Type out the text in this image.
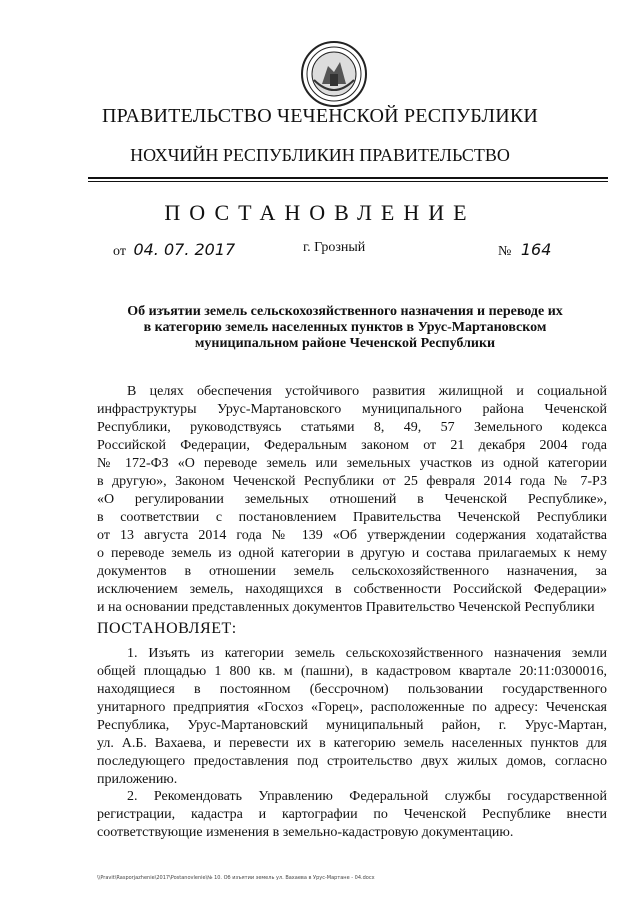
ПРАВИТЕЛЬСТВО ЧЕЧЕНСКОЙ РЕСПУБЛИКИ
НОХЧИЙН РЕСПУБЛИКИН ПРАВИТЕЛЬСТВО
ПОСТАНОВЛЕНИЕ
от 04. 07. 2017	г. Грозный	№ 164
Об изъятии земель сельскохозяйственного назначения и переводе их
в категорию земель населенных пунктов в Урус-Мартановском
муниципальном районе Чеченской Республики
В целях обеспечения устойчивого развития жилищной и социальной
инфраструктуры Урус-Мартановского муниципального района Чеченской
Республики, руководствуясь статьями 8, 49, 57 Земельного кодекса
Российской Федерации, Федеральным законом от 21 декабря 2004 года
№ 172-ФЗ «О переводе земель или земельных участков из одной категории
в другую», Законом Чеченской Республики от 25 февраля 2014 года № 7-РЗ
«О регулировании земельных отношений в Чеченской Республике»,
в соответствии с постановлением Правительства Чеченской Республики
от 13 августа 2014 года № 139 «Об утверждении содержания ходатайства
о переводе земель из одной категории в другую и состава прилагаемых к нему
документов в отношении земель сельскохозяйственного назначения, за
исключением земель, находящихся в собственности Российской Федерации»
и на основании представленных документов Правительство Чеченской Республики
ПОСТАНОВЛЯЕТ:
1. Изъять из категории земель сельскохозяйственного назначения земли
общей площадью 1 800 кв. м (пашни), в кадастровом квартале 20:11:0300016,
находящиеся в постоянном (бессрочном) пользовании государственного
унитарного предприятия «Госхоз «Горец», расположенные по адресу: Чеченская
Республика, Урус-Мартановский муниципальный район, г. Урус-Мартан,
ул. А.Б. Вахаева, и перевести их в категорию земель населенных пунктов для
последующего предоставления под строительство двух жилых домов, согласно
приложению.
2. Рекомендовать Управлению Федеральной службы государственной
регистрации, кадастра и картографии по Чеченской Республике внести
соответствующие изменения в земельно-кадастровую документацию.
\\Pravit\Rasporjazhenie\2017\Postanovlenie\№ 10. Об изъятии земель ул. Вахаева в Урус-Мартане - 04.docx
